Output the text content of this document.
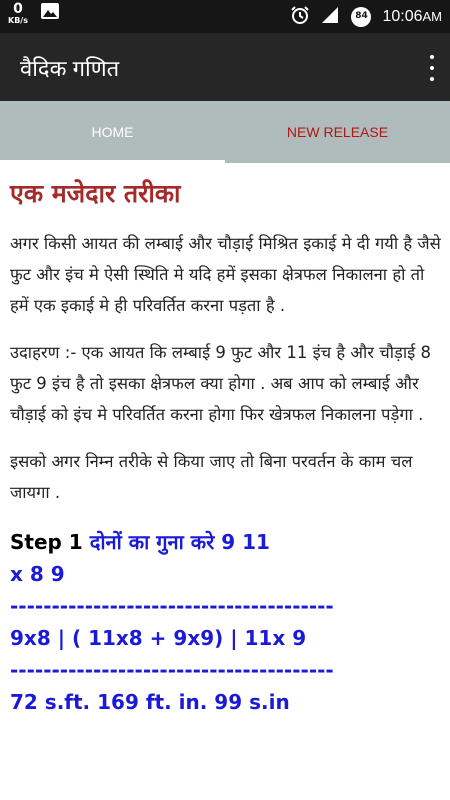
0
KB/s	84 10:06AM
वैदिक गणित
HOME	NEW RELEASE
एक मजेदार तरीका

अगर किसी आयत की लम्बाई और चौड़ाई मिश्रित इकाई मे दी गयी है जैसे फुट और इंच मे ऐसी स्थिति मे यदि हमें इसका क्षेत्रफल निकालना हो तो हमें एक इकाई मे ही परिवर्तित करना पड़ता है .

उदाहरण :- एक आयत कि लम्बाई 9 फुट और 11 इंच है और चौड़ाई 8 फुट 9 इंच है तो इसका क्षेत्रफल क्या होगा . अब आप को लम्बाई और चौड़ाई को इंच मे परिवर्तित करना होगा फिर खेत्रफल निकालना पड़ेगा .

इसको अगर निम्न तरीके से किया जाए तो बिना परवर्तन के काम चल जायगा .

Step 1 दोनों का गुना करे 9 11
x 8 9
---------------------------------------
9x8 | ( 11x8 + 9x9) | 11x 9
---------------------------------------
72 s.ft. 169 ft. in. 99 s.in
